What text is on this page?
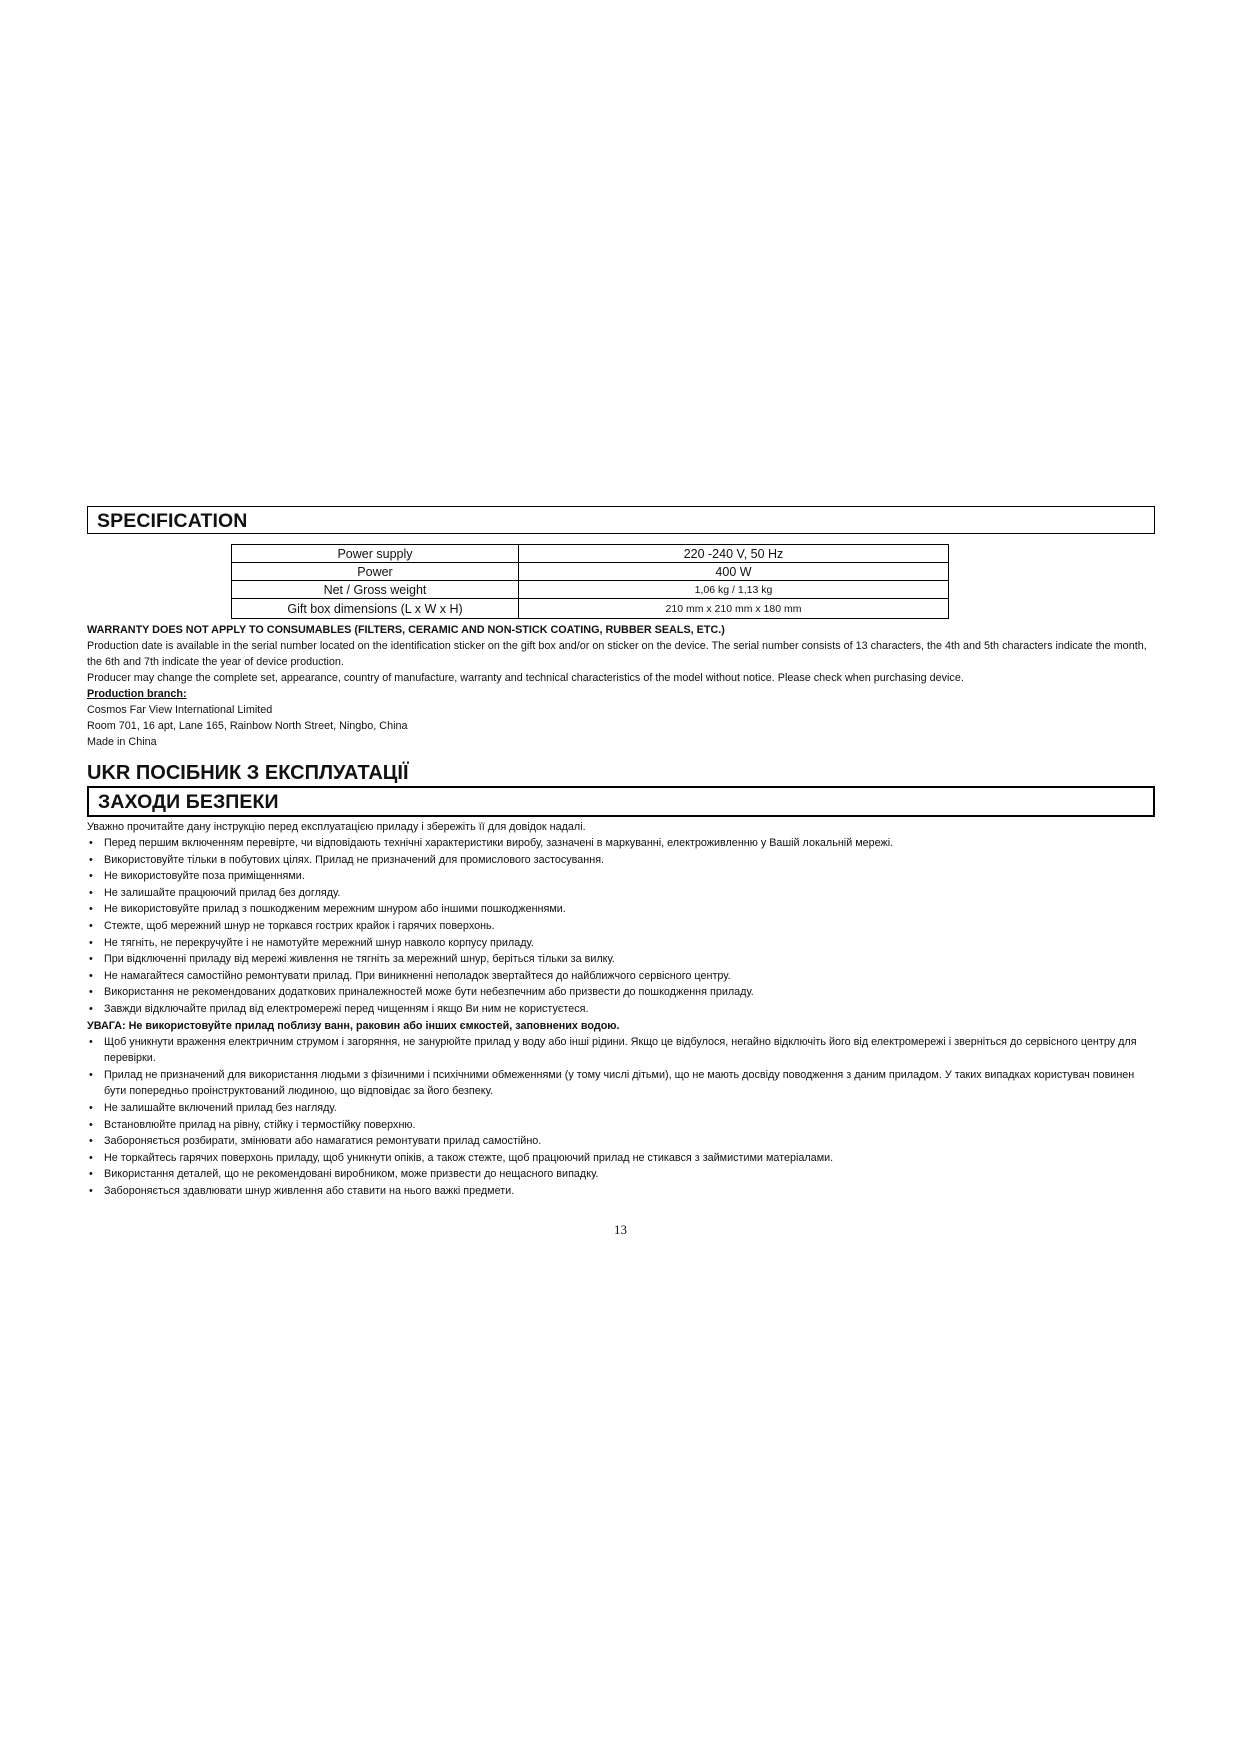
SPECIFICATION
Power supply	220 -240 V, 50 Hz
Power	400 W
Net / Gross weight	1,06 kg / 1,13 kg
Gift box dimensions (L x W x H)	210 mm x 210 mm x 180 mm

WARRANTY DOES NOT APPLY TO CONSUMABLES (FILTERS, CERAMIC AND NON-STICK COATING, RUBBER SEALS, ETC.)

Production date is available in the serial number located on the identification sticker on the gift box and/or on sticker on the device. The serial number consists of 13 characters, the 4th and 5th characters indicate the month, the 6th and 7th indicate the year of device production.

Producer may change the complete set, appearance, country of manufacture, warranty and technical characteristics of the model without notice. Please check when purchasing device.

Production branch:

Cosmos Far View International Limited

Room 701, 16 apt, Lane 165, Rainbow North Street, Ningbo, China

Made in China

UKR ПОСІБНИК З ЕКСПЛУАТАЦІЇ
ЗАХОДИ БЕЗПЕКИ

Уважно прочитайте дану інструкцію перед експлуатацією приладу і збережіть її для довідок надалі.

• Перед першим включенням перевірте, чи відповідають технічні характеристики виробу, зазначені в маркуванні, електроживленню у Вашій локальній мережі.
• Використовуйте тільки в побутових цілях. Прилад не призначений для промислового застосування.
• Не використовуйте поза приміщеннями.
• Не залишайте працюючий прилад без догляду.
• Не використовуйте прилад з пошкодженим мережним шнуром або іншими пошкодженнями.
• Стежте, щоб мережний шнур не торкався гострих крайок і гарячих поверхонь.
• Не тягніть, не перекручуйте і не намотуйте мережний шнур навколо корпусу приладу.
• При відключенні приладу від мережі живлення не тягніть за мережний шнур, беріться тільки за вилку.
• Не намагайтеся самостійно ремонтувати прилад. При виникненні неполадок звертайтеся до найближчого сервісного центру.
• Використання не рекомендованих додаткових приналежностей може бути небезпечним або призвести до пошкодження приладу.
• Завжди відключайте прилад від електромережі перед чищенням і якщо Ви ним не користуєтеся.

УВАГА: Не використовуйте прилад поблизу ванн, раковин або інших ємкостей, заповнених водою.

• Щоб уникнути враження електричним струмом і загоряння, не занурюйте прилад у воду або інші рідини. Якщо це відбулося, негайно відключіть його від електромережі і зверніться до сервісного центру для перевірки.
• Прилад не призначений для використання людьми з фізичними і психічними обмеженнями (у тому числі дітьми), що не мають досвіду поводження з даним приладом. У таких випадках користувач повинен бути попередньо проінструктований людиною, що відповідає за його безпеку.
• Не залишайте включений прилад без нагляду.
• Встановлюйте прилад на рівну, стійку і термостійку поверхню.
• Забороняється розбирати, змінювати або намагатися ремонтувати прилад самостійно.
• Не торкайтесь гарячих поверхонь приладу, щоб уникнути опіків, а також стежте, щоб працюючий прилад не стикався з займистими матеріалами.
• Використання деталей, що не рекомендовані виробником, може призвести до нещасного випадку.
• Забороняється здавлювати шнур живлення або ставити на нього важкі предмети.
13
